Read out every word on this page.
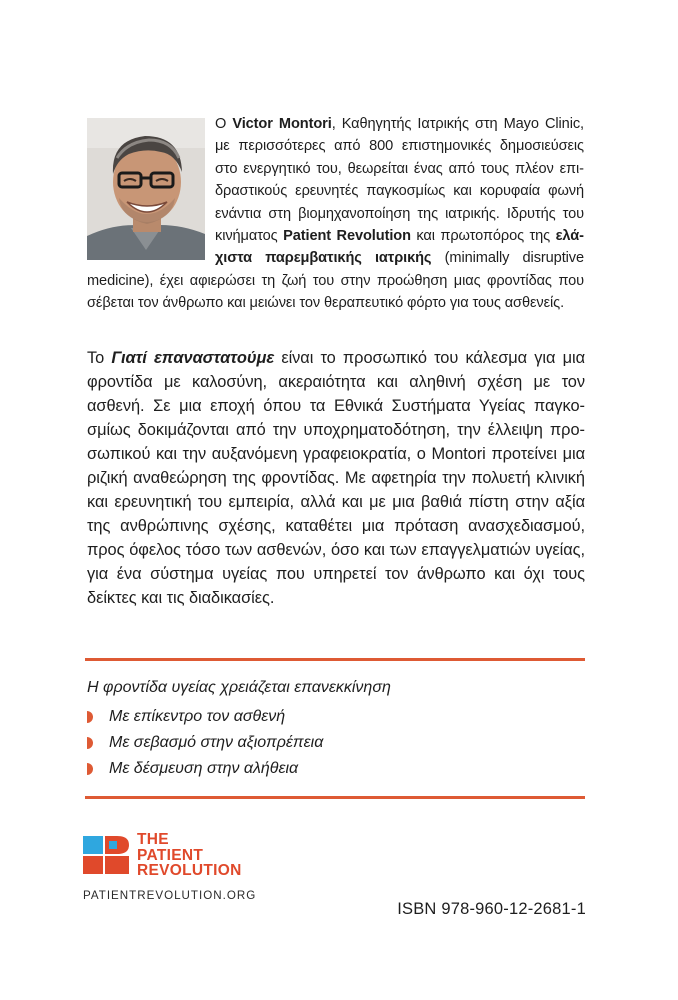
Ο Victor Montori, Καθηγητής Ιατρικής στη Mayo Clinic, με περισσότερες από 800 επιστημονικές δημοσιεύσεις στο ενεργητικό του, θεωρείται ένας από τους πλέον επιδραστικούς ερευνητές παγκοσμίως και κορυφαία φωνή ενάντια στη βιομηχανοποίηση της ιατρικής. Ιδρυτής του κινήματος Patient Revolution και πρωτοπόρος της ελάχιστα παρεμβατικής ιατρικής (minimally disruptive medicine), έχει αφιερώσει τη ζωή του στην προώθηση μιας φροντίδας που σέβεται τον άνθρωπο και μειώνει τον θεραπευτικό φόρτο για τους ασθενείς.
Το Γιατί επαναστατούμε είναι το προσωπικό του κάλεσμα για μια φροντίδα με καλοσύνη, ακεραιότητα και αληθινή σχέση με τον ασθενή. Σε μια εποχή όπου τα Εθνικά Συστήματα Υγείας παγκοσμίως δοκιμάζονται από την υποχρηματοδότηση, την έλλειψη προσωπικού και την αυξανόμενη γραφειοκρατία, ο Montori προτείνει μια ριζική αναθεώρηση της φροντίδας. Με αφετηρία την πολυετή κλινική και ερευνητική του εμπειρία, αλλά και με μια βαθιά πίστη στην αξία της ανθρώπινης σχέσης, καταθέτει μια πρόταση ανασχεδιασμού, προς όφελος τόσο των ασθενών, όσο και των επαγγελματιών υγείας, για ένα σύστημα υγείας που υπηρετεί τον άνθρωπο και όχι τους δείκτες και τις διαδικασίες.
Η φροντίδα υγείας χρειάζεται επανεκκίνηση
Με επίκεντρο τον ασθενή
Με σεβασμό στην αξιοπρέπεια
Με δέσμευση στην αλήθεια
THE
PATIENT
REVOLUTION
PATIENTREVOLUTION.ORG
ISBN 978-960-12-2681-1
